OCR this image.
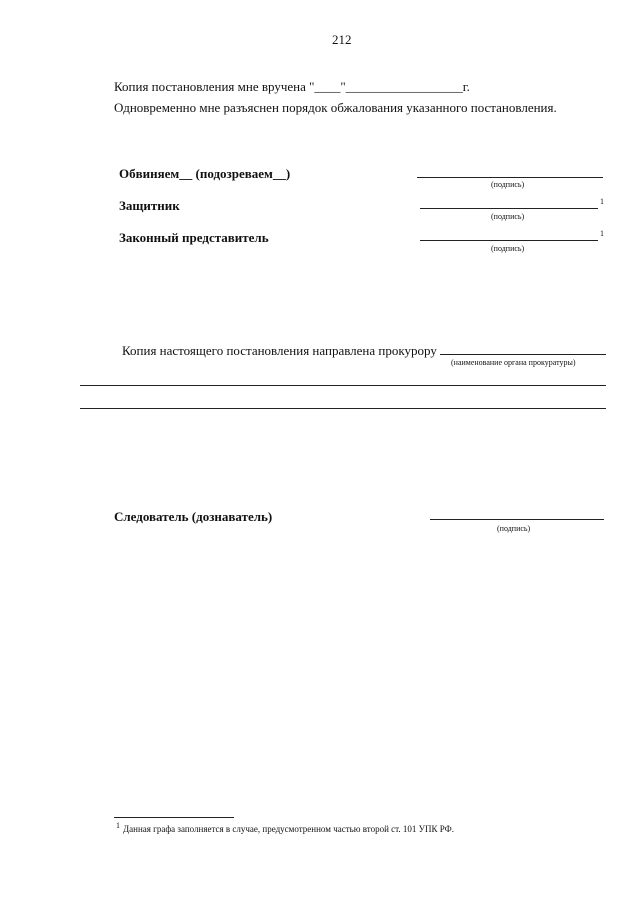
212
Копия постановления мне вручена "____"__________________г.
Одновременно мне разъяснен порядок обжалования указанного постановления.
Обвиняем__ (подозреваем__)
(подпись)
Защитник	1
(подпись)
Законный представитель	1
(подпись)
Копия настоящего постановления направлена прокурору
(наименование органа прокуратуры)
Следователь (дознаватель)
(подпись)
1 Данная графа заполняется в случае, предусмотренном частью второй ст. 101 УПК РФ.
